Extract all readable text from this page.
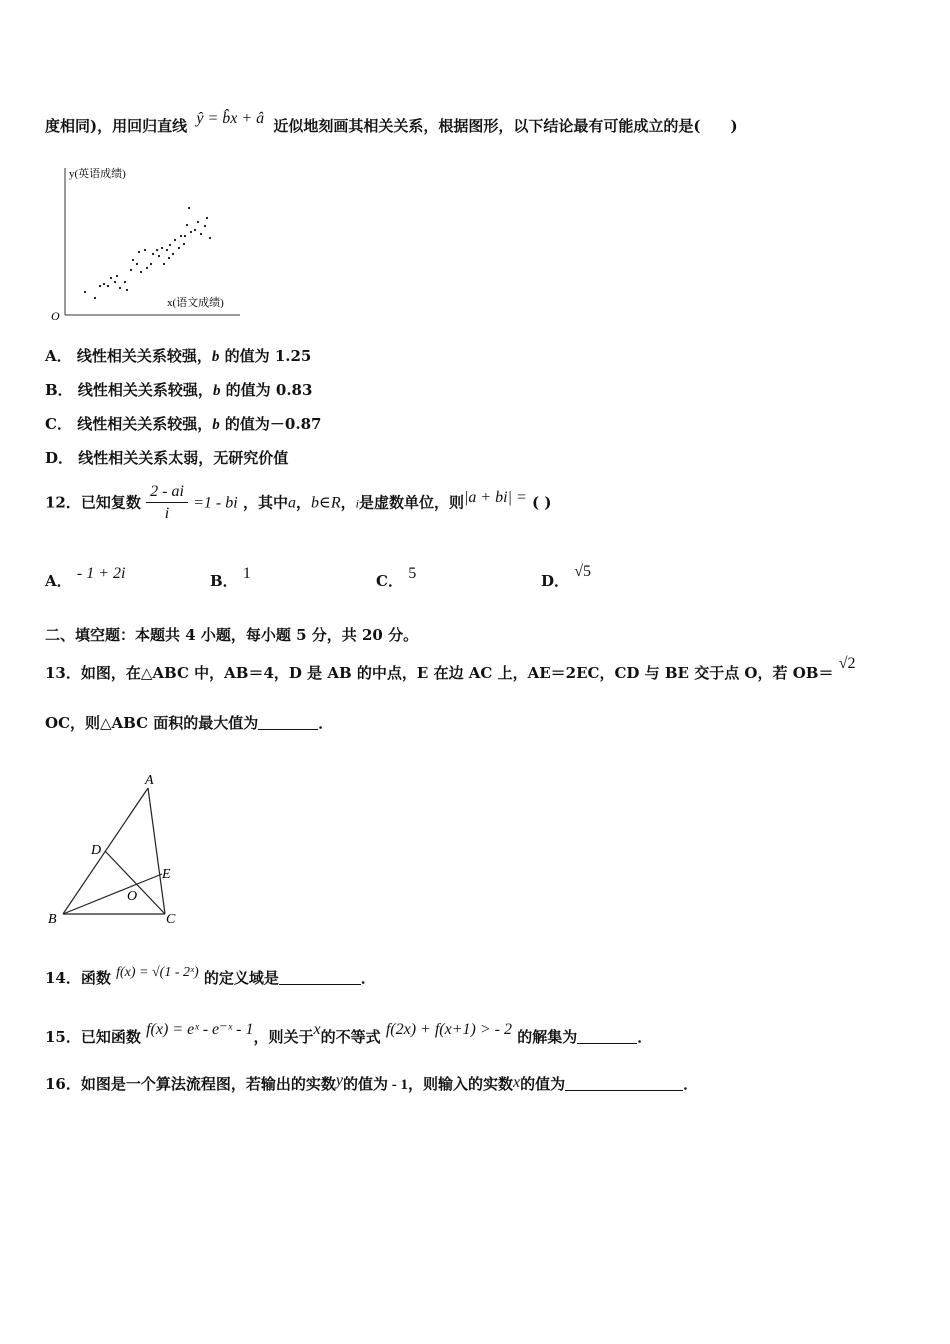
度相同)，用回归直线 ŷ = b̂x + â 近似地刻画其相关关系，根据图形，以下结论最有可能成立的是(　　)
y(英语成绩)
x(语文成绩)
O
A． 线性相关关系较强，b 的值为 1.25
B． 线性相关关系较强，b 的值为 0.83
C． 线性相关关系较强，b 的值为－0.87
D． 线性相关关系太弱，无研究价值
12．已知复数 $\frac{2 - ai}{i} =1$ - bi ，其中a，b∈R，i是虚数单位，则|a + bi| = ( )
A． - 1 + 2i	B． 1	C． 5	D． √5
二、填空题：本题共 4 小题，每小题 5 分，共 20 分。
13．如图，在△ABC 中，AB＝4，D 是 AB 的中点，E 在边 AC 上，AE＝2EC，CD 与 BE 交于点 O，若 OB＝ √2
OC，则△ABC 面积的最大值为	．
A
B	C
D
E
O
14．函数 f(x) = √(1 - 2ˣ) 的定义域是	．
15．已知函数 f(x) = eˣ - e⁻ˣ - 1，则关于x的不等式 f(2x) + f(x+1) > - 2 的解集为	．
16．如图是一个算法流程图，若输出的实数y的值为 - 1，则输入的实数x的值为	．
